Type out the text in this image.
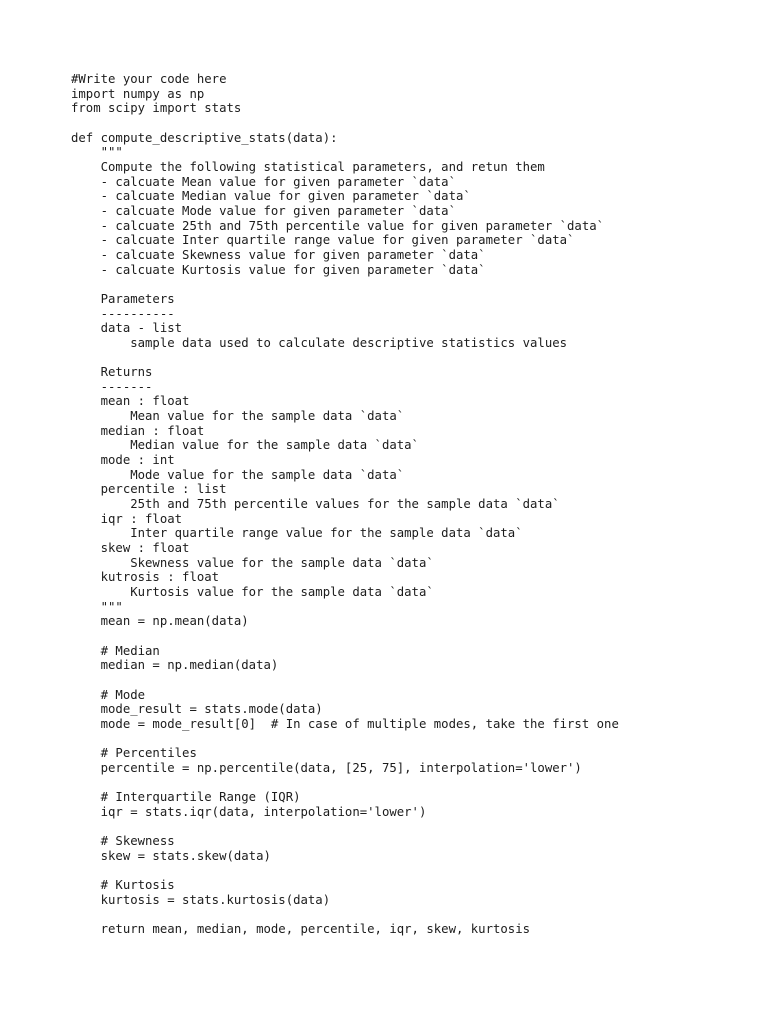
#Write your code here
import numpy as np
from scipy import stats
def compute_descriptive_stats(data):
"""
Compute the following statistical parameters, and retun them
- calcuate Mean value for given parameter `data`
- calcuate Median value for given parameter `data`
- calcuate Mode value for given parameter `data`
- calcuate 25th and 75th percentile value for given parameter `data`
- calcuate Inter quartile range value for given parameter `data`
- calcuate Skewness value for given parameter `data`
- calcuate Kurtosis value for given parameter `data`
Parameters
----------
data - list
sample data used to calculate descriptive statistics values
Returns
-------
mean : float
Mean value for the sample data `data`
median : float
Median value for the sample data `data`
mode : int
Mode value for the sample data `data`
percentile : list
25th and 75th percentile values for the sample data `data`
iqr : float
Inter quartile range value for the sample data `data`
skew : float
Skewness value for the sample data `data`
kutrosis : float
Kurtosis value for the sample data `data`
"""
mean = np.mean(data)
# Median
median = np.median(data)
# Mode
mode_result = stats.mode(data)
mode = mode_result[0]  # In case of multiple modes, take the first one
# Percentiles
percentile = np.percentile(data, [25, 75], interpolation='lower')
# Interquartile Range (IQR)
iqr = stats.iqr(data, interpolation='lower')
# Skewness
skew = stats.skew(data)
# Kurtosis
kurtosis = stats.kurtosis(data)
return mean, median, mode, percentile, iqr, skew, kurtosis
